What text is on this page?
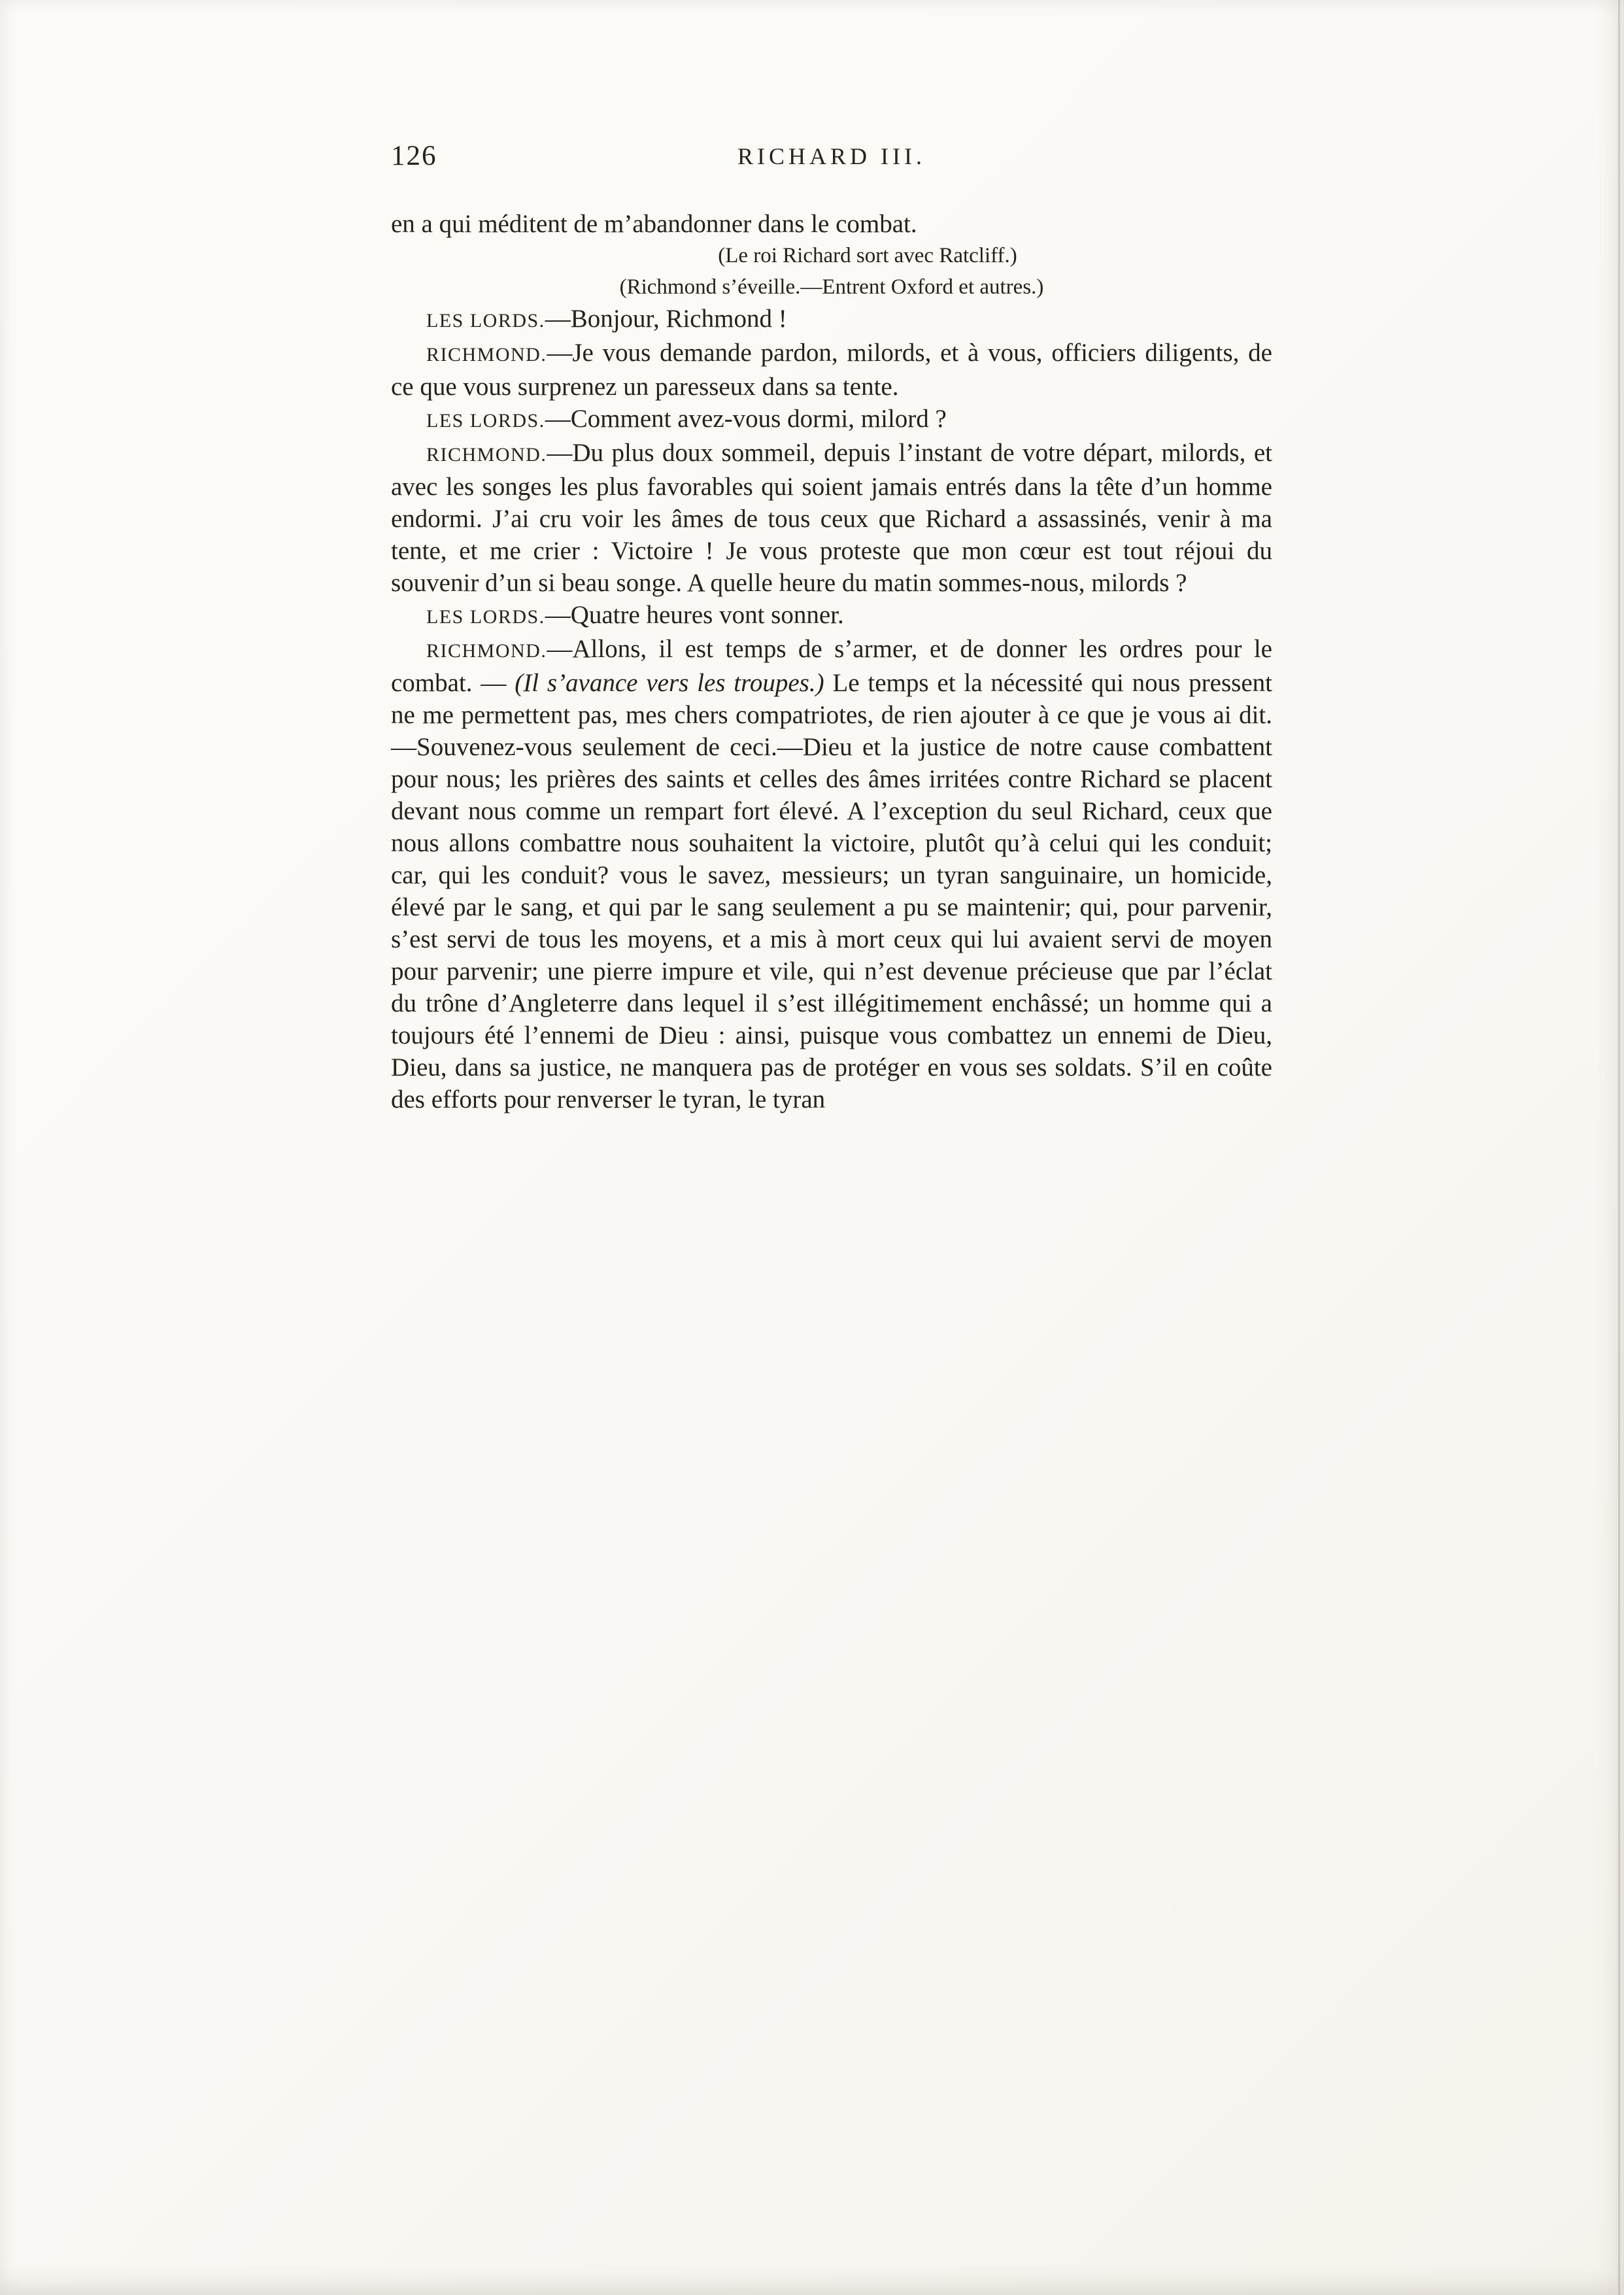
126	RICHARD III.

en a qui méditent de m’abandonner dans le combat.

(Le roi Richard sort avec Ratcliff.)

(Richmond s’éveille.—Entrent Oxford et autres.)

LES LORDS.—Bonjour, Richmond !

RICHMOND.—Je vous demande pardon, milords, et à vous, officiers diligents, de ce que vous surprenez un paresseux dans sa tente.

LES LORDS.—Comment avez-vous dormi, milord ?

RICHMOND.—Du plus doux sommeil, depuis l’instant de votre départ, milords, et avec les songes les plus favorables qui soient jamais entrés dans la tête d’un homme endormi. J’ai cru voir les âmes de tous ceux que Richard a assassinés, venir à ma tente, et me crier : Victoire ! Je vous proteste que mon cœur est tout réjoui du souvenir d’un si beau songe. A quelle heure du matin sommes-nous, milords ?

LES LORDS.—Quatre heures vont sonner.

RICHMOND.—Allons, il est temps de s’armer, et de donner les ordres pour le combat. — (Il s’avance vers les troupes.) Le temps et la nécessité qui nous pressent ne me permettent pas, mes chers compatriotes, de rien ajouter à ce que je vous ai dit.—Souvenez-vous seulement de ceci.—Dieu et la justice de notre cause combattent pour nous; les prières des saints et celles des âmes irritées contre Richard se placent devant nous comme un rempart fort élevé. A l’exception du seul Richard, ceux que nous allons combattre nous souhaitent la victoire, plutôt qu’à celui qui les conduit; car, qui les conduit? vous le savez, messieurs; un tyran sanguinaire, un homicide, élevé par le sang, et qui par le sang seulement a pu se maintenir; qui, pour parvenir, s’est servi de tous les moyens, et a mis à mort ceux qui lui avaient servi de moyen pour parvenir; une pierre impure et vile, qui n’est devenue précieuse que par l’éclat du trône d’Angleterre dans lequel il s’est illégitimement enchâssé; un homme qui a toujours été l’ennemi de Dieu : ainsi, puisque vous combattez un ennemi de Dieu, Dieu, dans sa justice, ne manquera pas de protéger en vous ses soldats. S’il en coûte des efforts pour renverser le tyran, le tyran
